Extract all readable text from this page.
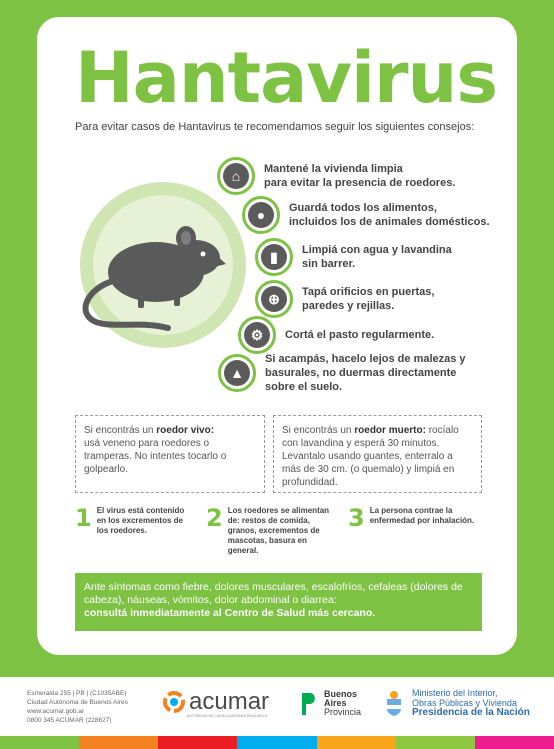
Hantavirus

Para evitar casos de Hantavirus te recomendamos seguir los siguientes consejos:

⌂	Mantené la vivienda limpia
para evitar la presencia de roedores.
●	Guardá todos los alimentos,
incluidos los de animales domésticos.
▮	Limpiá con agua y lavandina
sin barrer.
⊕	Tapá orificios en puertas,
paredes y rejillas.
⚙	Cortá el pasto regularmente.
▲
Si acampás, hacelo lejos de malezas y
basurales, no duermas directamente
sobre el suelo.
Si encontrás un roedor vivo:
usá veneno para roedores o tramperas. No intentes tocarlo o golpearlo.
Si encontrás un roedor muerto: rocíalo con lavandina y esperá 30 minutos. Levantalo usando guantes, enterralo a más de 30 cm. (o quemalo) y limpiá en profundidad.
1 El virus está contenido en los excrementos de los roedores.	2 Los roedores se alimentan de: restos de comida, granos, excrementos de mascotas, basura en general.
3 La persona contrae la enfermedad por inhalación.
Ante síntomas como fiebre, dolores musculares, escalofríos, cefaleas (dolores de cabeza), náuseas, vómitos, dolor abdominal o diarrea:
consultá inmediatamente al Centro de Salud más cercano.
Esmeralda 255 | PB | (C1035ABE)
Ciudad Autónoma de Buenos Aires
www.acumar.gob.ar
0800 345 ACUMAR (228627)
acumar
AUTORIDAD DE CUENCA MATANZA RIACHUELO
Buenos
Aires
Provincia
Ministerio del Interior,
Obras Públicas y Vivienda
Presidencia de la Nación
